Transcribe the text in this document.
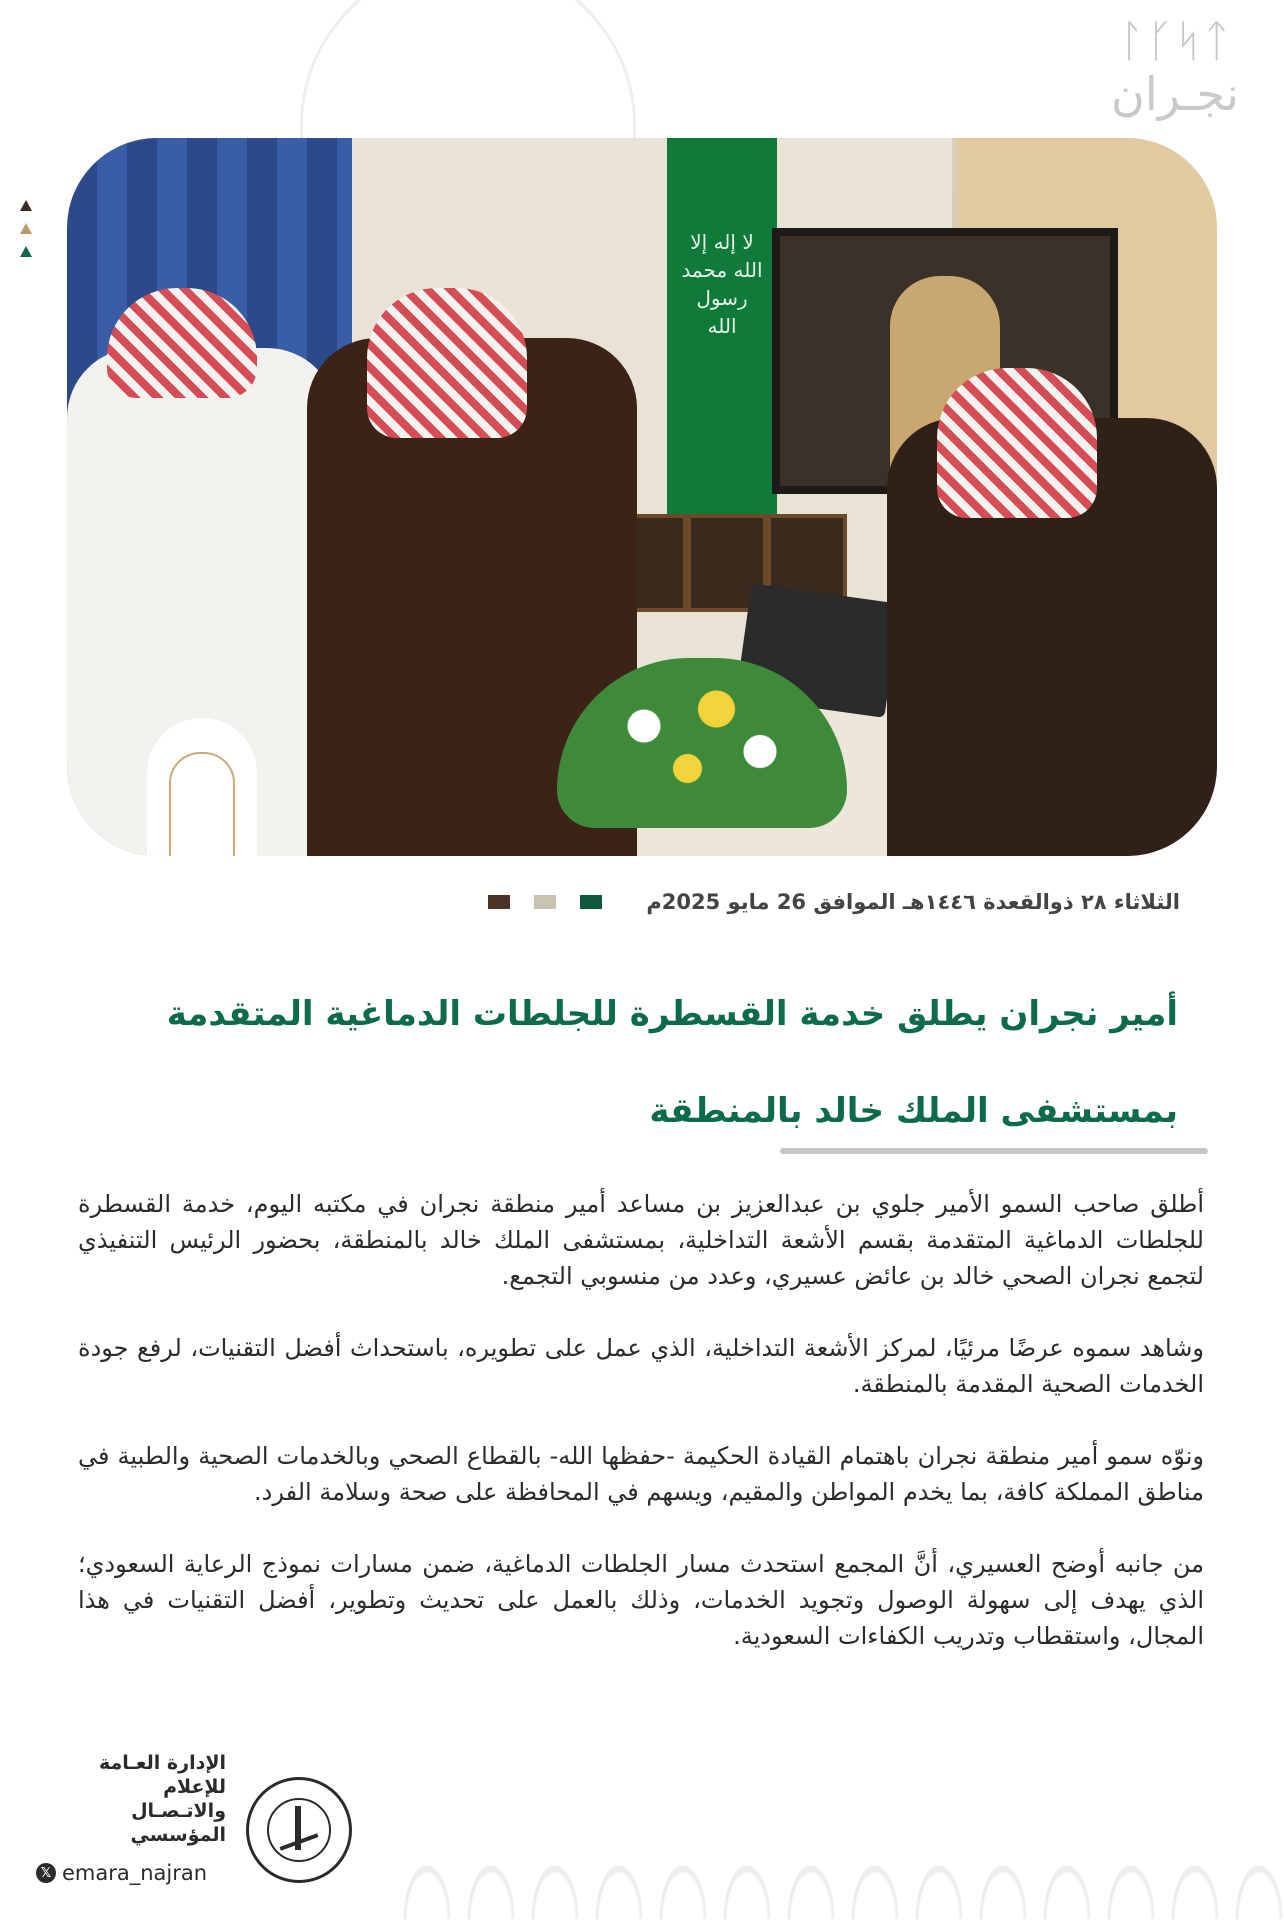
ᛚᚴᛋᛏ
نجـران
لا إله إلا الله محمد رسول الله
الثلاثاء ٢٨ ذوالقعدة ١٤٤٦هـ الموافق 26 مايو 2025م
أمير نجران يطلق خدمة القسطرة للجلطات الدماغية المتقدمة
بمستشفى الملك خالد بالمنطقة

أطلق صاحب السمو الأمير جلوي بن عبدالعزيز بن مساعد أمير منطقة نجران في مكتبه اليوم، خدمة القسطرة للجلطات الدماغية المتقدمة بقسم الأشعة التداخلية، بمستشفى الملك خالد بالمنطقة، بحضور الرئيس التنفيذي لتجمع نجران الصحي خالد بن عائض عسيري، وعدد من منسوبي التجمع.

وشاهد سموه عرضًا مرئيًا، لمركز الأشعة التداخلية، الذي عمل على تطويره، باستحداث أفضل التقنيات، لرفع جودة الخدمات الصحية المقدمة بالمنطقة.

ونوّه سمو أمير منطقة نجران باهتمام القيادة الحكيمة -حفظها الله- بالقطاع الصحي وبالخدمات الصحية والطبية في مناطق المملكة كافة، بما يخدم المواطن والمقيم، ويسهم في المحافظة على صحة وسلامة الفرد.

من جانبه أوضح العسيري، أنَّ المجمع استحدث مسار الجلطات الدماغية، ضمن مسارات نموذج الرعاية السعودي؛ الذي يهدف إلى سهولة الوصول وتجويد الخدمات، وذلك بالعمل على تحديث وتطوير، أفضل التقنيات في هذا المجال، واستقطاب وتدريب الكفاءات السعودية.

الإدارة العـامة للإعلام
والاتـصـال المؤسسي
𝕏 emara_najran
